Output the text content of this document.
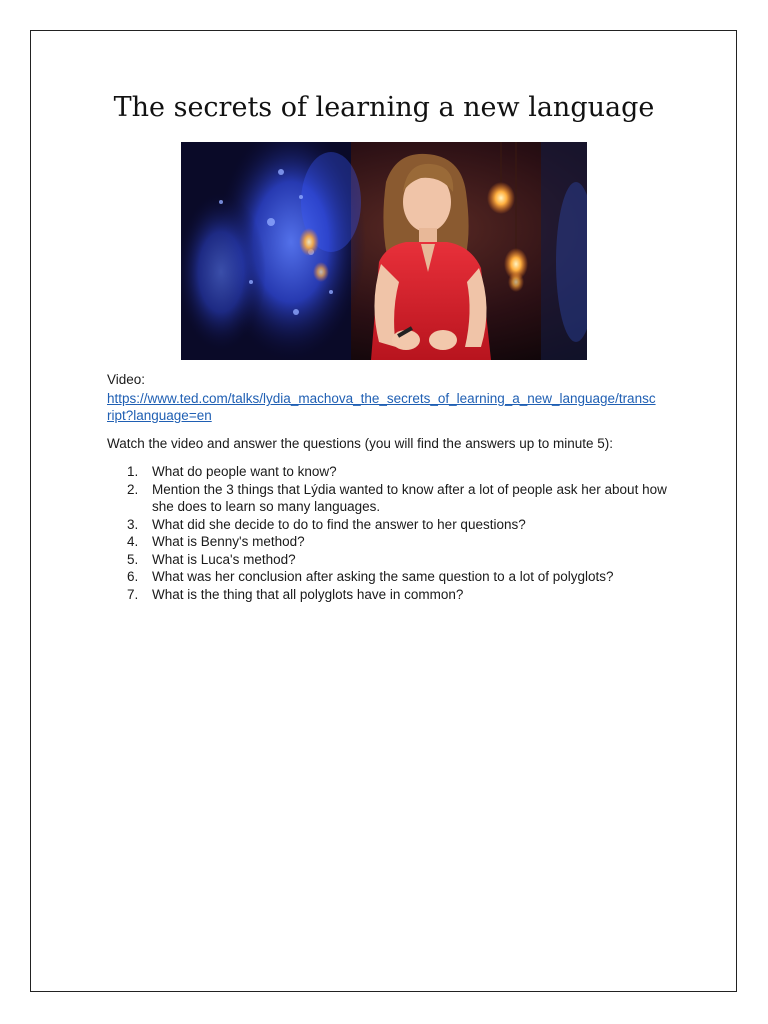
The secrets of learning a new language
Video:
https://www.ted.com/talks/lydia_machova_the_secrets_of_learning_a_new_language/transcript?language=en
Watch the video and answer the questions (you will find the answers up to minute 5):
1. What do people want to know?
2. Mention the 3 things that Lýdia wanted to know after a lot of people ask her about how she does to learn so many languages.
3. What did she decide to do to find the answer to her questions?
4. What is Benny's method?
5. What is Luca's method?
6. What was her conclusion after asking the same question to a lot of polyglots?
7. What is the thing that all polyglots have in common?
